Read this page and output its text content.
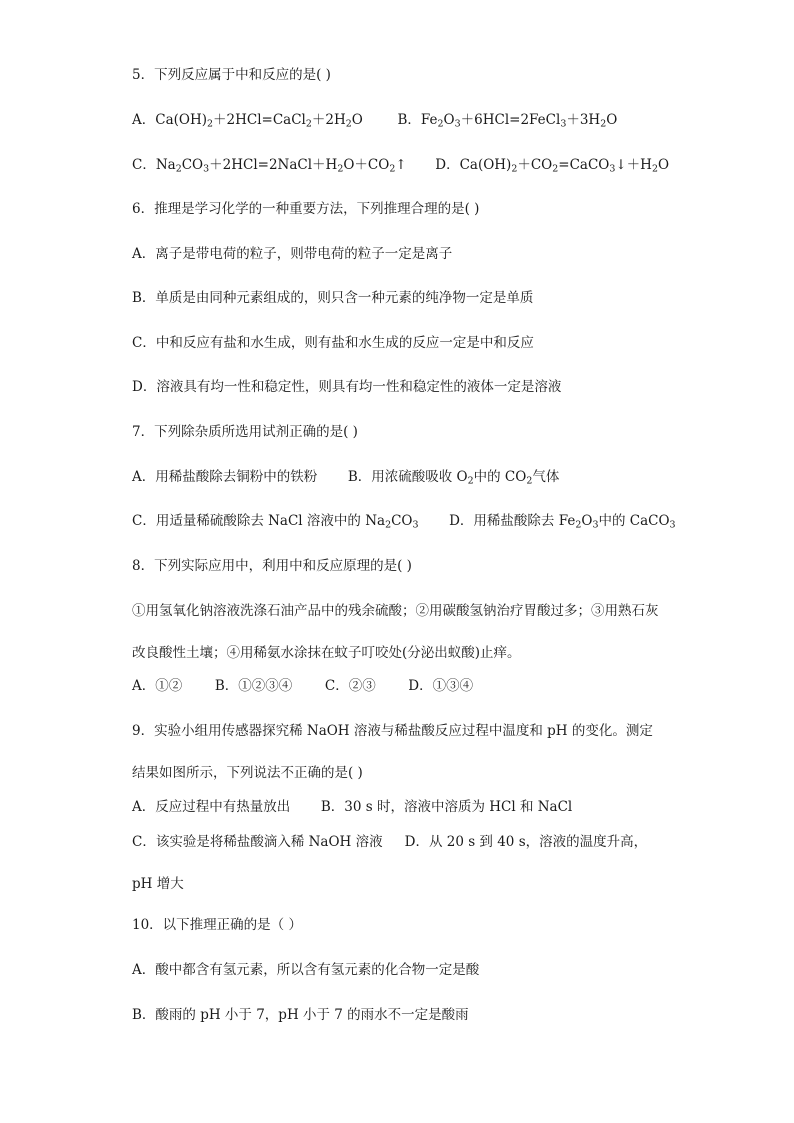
5．下列反应属于中和反应的是( )
A．$Ca(OH)_2+2HCl=CaCl_2+2H_2O$	B．$Fe_2O_3+6HCl=2FeCl_3+3H_2O$
C．$Na_2CO_3+2HCl=2NaCl+H_2O+CO_2↑$ D．$Ca(OH)_2+CO_2=CaCO_3↓+H_2O$
6．推理是学习化学的一种重要方法，下列推理合理的是( )
A．离子是带电荷的粒子，则带电荷的粒子一定是离子
B．单质是由同种元素组成的，则只含一种元素的纯净物一定是单质
C．中和反应有盐和水生成，则有盐和水生成的反应一定是中和反应
D．溶液具有均一性和稳定性，则具有均一性和稳定性的液体一定是溶液
7．下列除杂质所选用试剂正确的是( )
A．用稀盐酸除去铜粉中的铁粉 B．用浓硫酸吸收 $O_2$中的 $CO_2$气体
C．用适量稀硫酸除去 NaCl 溶液中的 $Na_2CO_3$ D．用稀盐酸除去 $Fe_2O_3$中的 CaCO$_3$
8．下列实际应用中，利用中和反应原理的是( )
①用氢氧化钠溶液洗涤石油产品中的残余硫酸；②用碳酸氢钠治疗胃酸过多；③用熟石灰改良酸性土壤；④用稀氨水涂抹在蚊子叮咬处(分泌出蚁酸)止痒。
A．①② B．①②③④ C．②③ D．①③④
9．实验小组用传感器探究稀 NaOH 溶液与稀盐酸反应过程中温度和 pH 的变化。测定结果如图所示，下列说法不正确的是( )
A．反应过程中有热量放出 B．30 s 时，溶液中溶质为 HCl 和 NaCl
C．该实验是将稀盐酸滴入稀 NaOH 溶液 D．从 20 s 到 40 s，溶液的温度升高，pH 增大
10．以下推理正确的是（ ）
A．酸中都含有氢元素，所以含有氢元素的化合物一定是酸
B．酸雨的 pH 小于 7，pH 小于 7 的雨水不一定是酸雨
